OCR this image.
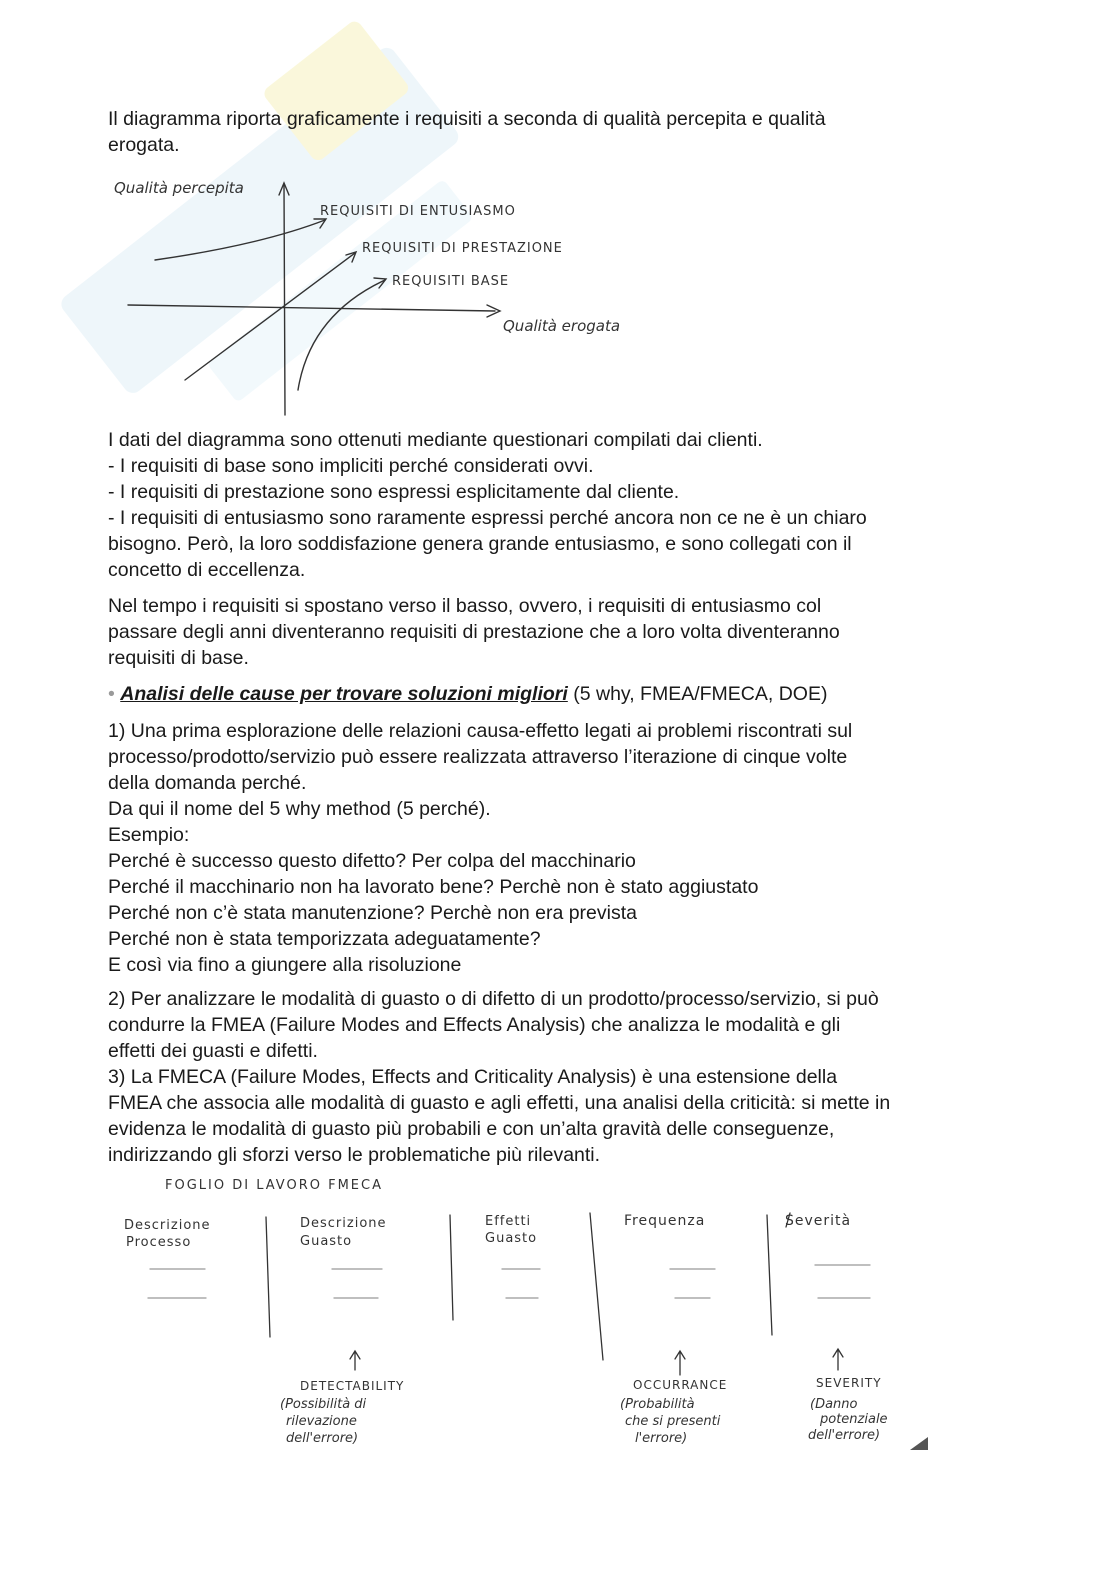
Il diagramma riporta graficamente i requisiti a seconda di qualità percepita e qualità
erogata.

Qualità percepita
REQUISITI DI ENTUSIASMO
REQUISITI DI PRESTAZIONE
REQUISITI BASE
Qualità erogata

I dati del diagramma sono ottenuti mediante questionari compilati dai clienti.
- I requisiti di base sono impliciti perché considerati ovvi.
- I requisiti di prestazione sono espressi esplicitamente dal cliente.
- I requisiti di entusiasmo sono raramente espressi perché ancora non ce ne è un chiaro
bisogno. Però, la loro soddisfazione genera grande entusiasmo, e sono collegati con il
concetto di eccellenza.

Nel tempo i requisiti si spostano verso il basso, ovvero, i requisiti di entusiasmo col
passare degli anni diventeranno requisiti di prestazione che a loro volta diventeranno
requisiti di base.

• Analisi delle cause per trovare soluzioni migliori (5 why, FMEA/FMECA, DOE)

1) Una prima esplorazione delle relazioni causa-effetto legati ai problemi riscontrati sul
processo/prodotto/servizio può essere realizzata attraverso l’iterazione di cinque volte
della domanda perché.
Da qui il nome del 5 why method (5 perché).
Esempio:
Perché è successo questo difetto? Per colpa del macchinario
Perché il macchinario non ha lavorato bene? Perchè non è stato aggiustato
Perché non c’è stata manutenzione? Perchè non era prevista
Perché non è stata temporizzata adeguatamente?
E così via fino a giungere alla risoluzione

2) Per analizzare le modalità di guasto o di difetto di un prodotto/processo/servizio, si può
condurre la FMEA (Failure Modes and Effects Analysis) che analizza le modalità e gli
effetti dei guasti e difetti.
3) La FMECA (Failure Modes, Effects and Criticality Analysis) è una estensione della
FMEA che associa alle modalità di guasto e agli effetti, una analisi della criticità: si mette in
evidenza le modalità di guasto più probabili e con un’alta gravità delle conseguenze,
indirizzando gli sforzi verso le problematiche più rilevanti.

FOGLIO DI LAVORO FMECA
Descrizione
Processo
Descrizione
Guasto
Effetti
Guasto
Frequenza	Severità
DETECTABILITY
(Possibilità di
rilevazione
dell'errore)
OCCURRANCE
(Probabilità
che si presenti
l'errore)
SEVERITY
(Danno
potenziale
dell'errore)
